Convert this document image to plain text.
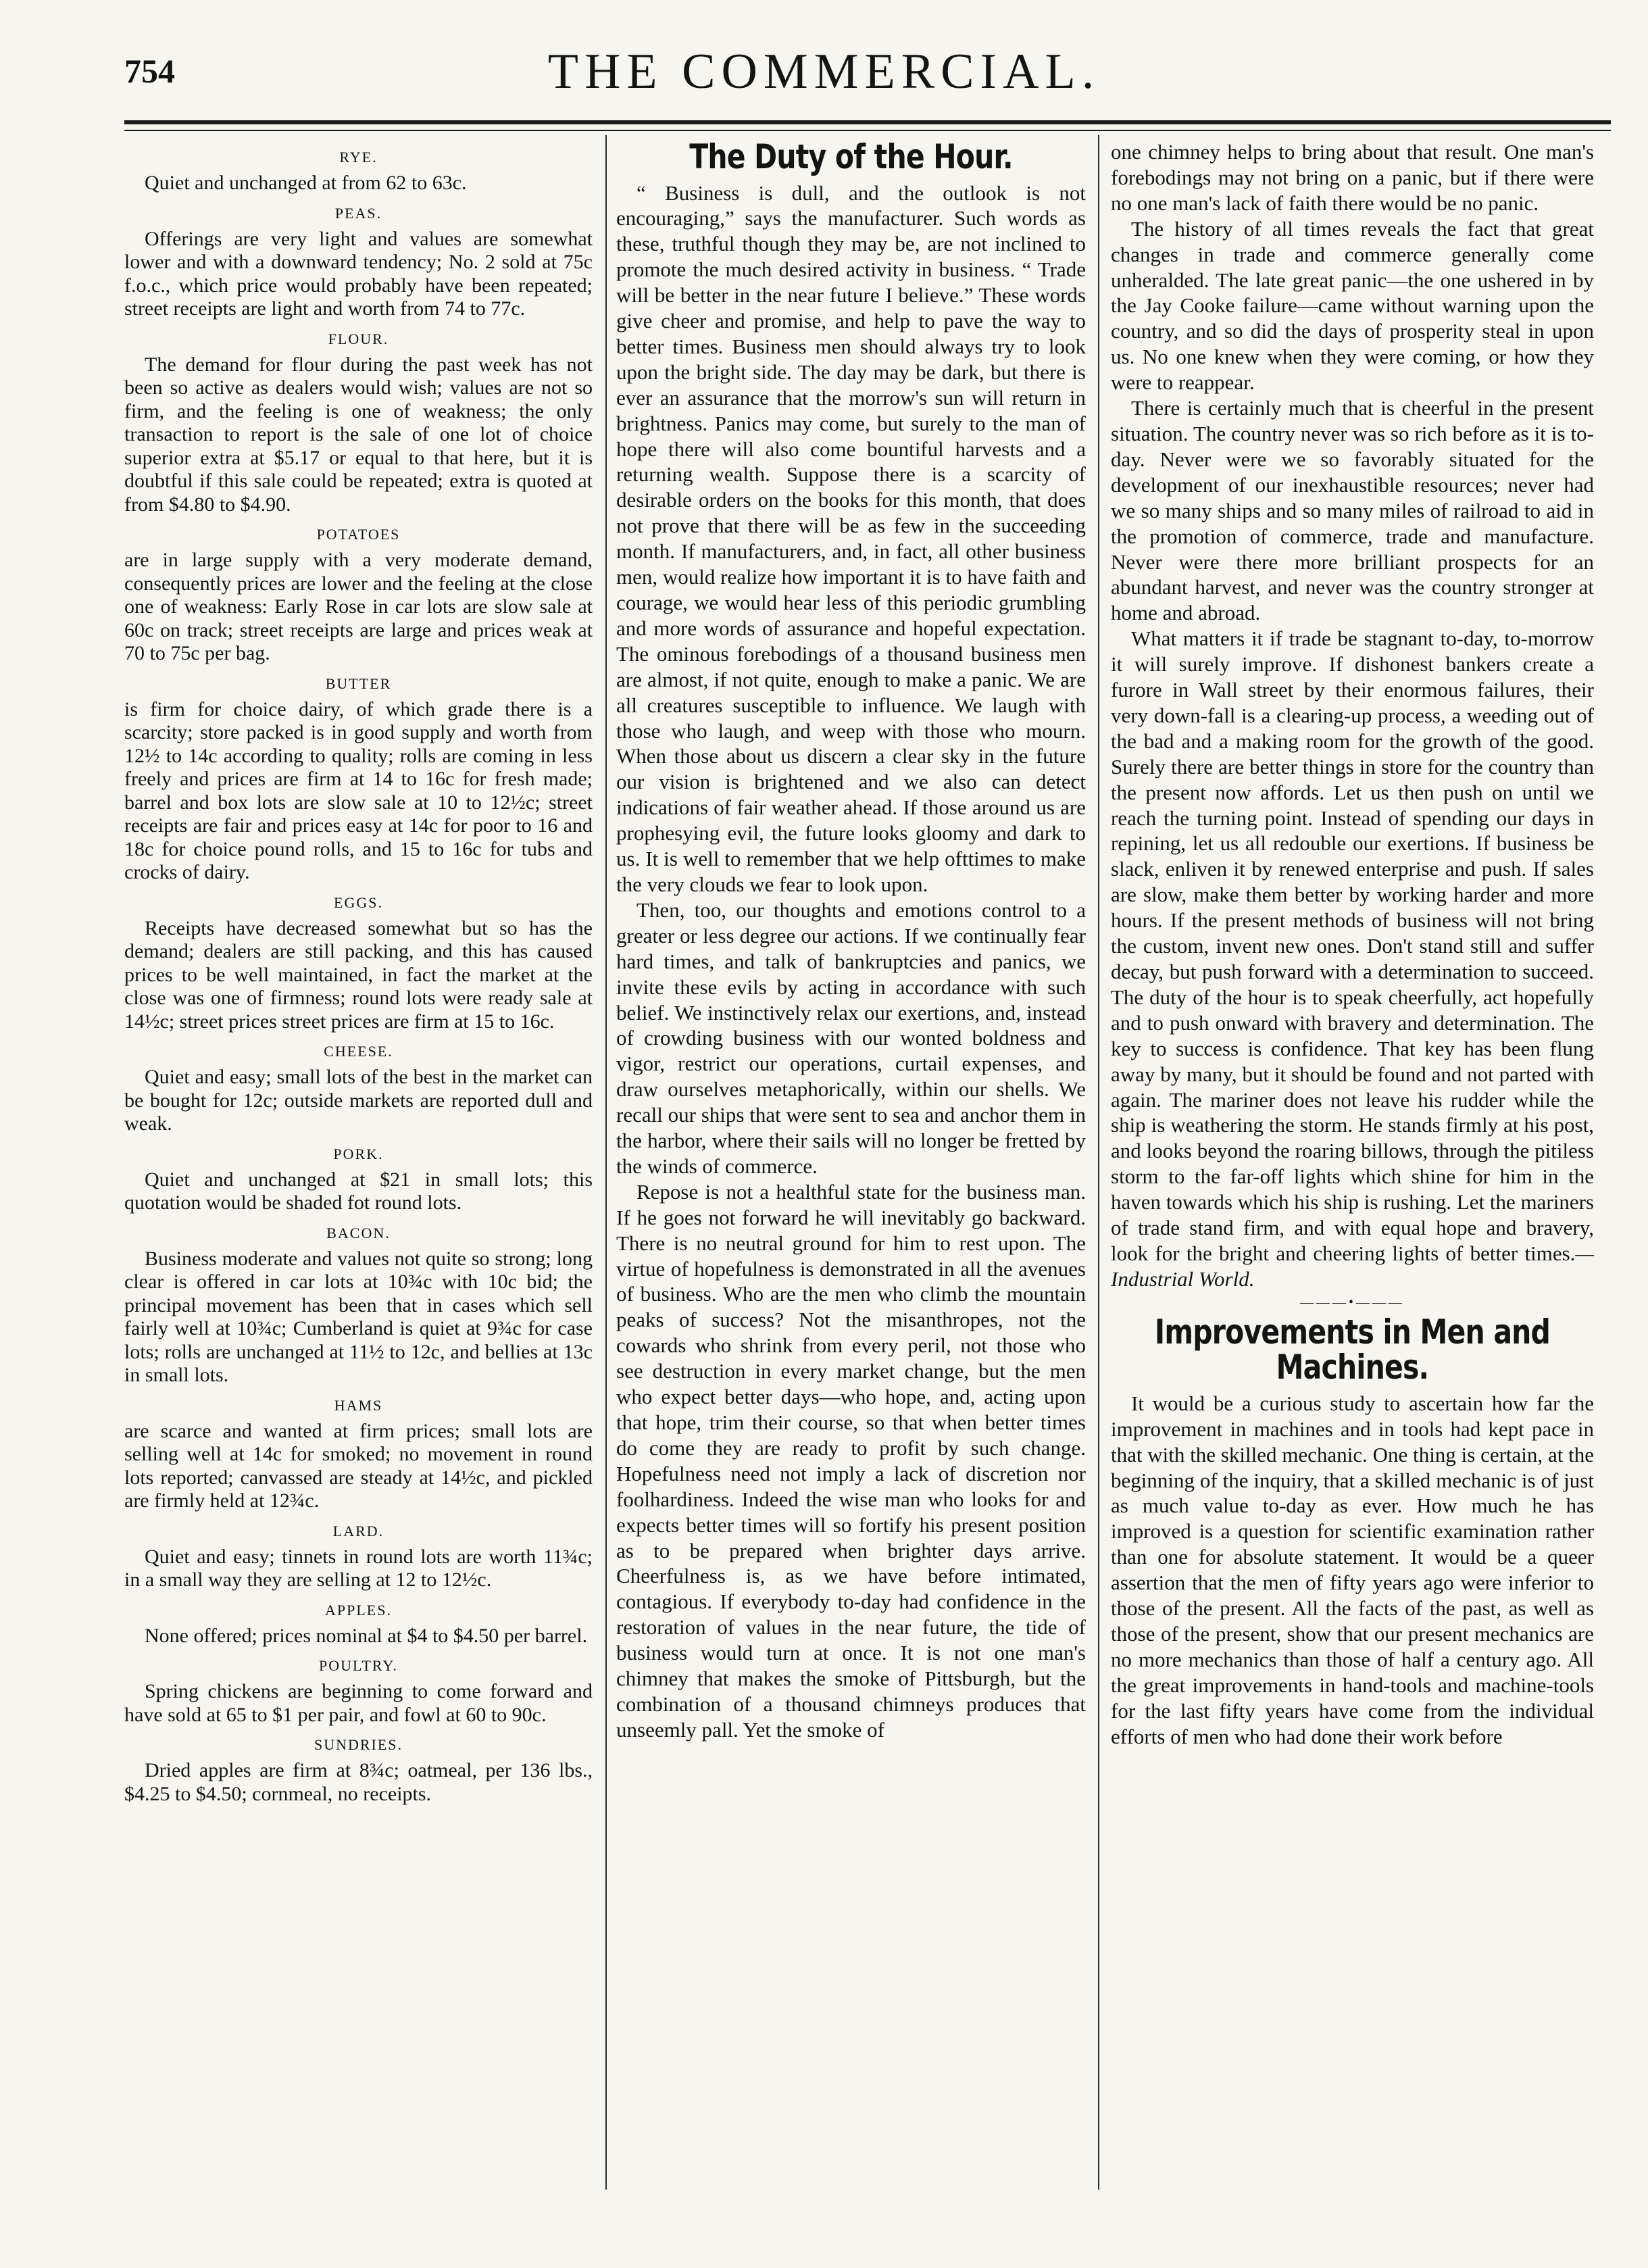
754	THE COMMERCIAL.
RYE.

Quiet and unchanged at from 62 to 63c.

PEAS.

Offerings are very light and values are somewhat lower and with a downward tendency; No. 2 sold at 75c f.o.c., which price would probably have been repeated; street receipts are light and worth from 74 to 77c.

FLOUR.

The demand for flour during the past week has not been so active as dealers would wish; values are not so firm, and the feeling is one of weakness; the only transaction to report is the sale of one lot of choice superior extra at $5.17 or equal to that here, but it is doubtful if this sale could be repeated; extra is quoted at from $4.80 to $4.90.

POTATOES

are in large supply with a very moderate demand, consequently prices are lower and the feeling at the close one of weakness: Early Rose in car lots are slow sale at 60c on track; street receipts are large and prices weak at 70 to 75c per bag.

BUTTER

is firm for choice dairy, of which grade there is a scarcity; store packed is in good supply and worth from 12½ to 14c according to quality; rolls are coming in less freely and prices are firm at 14 to 16c for fresh made; barrel and box lots are slow sale at 10 to 12½c; street receipts are fair and prices easy at 14c for poor to 16 and 18c for choice pound rolls, and 15 to 16c for tubs and crocks of dairy.

EGGS.

Receipts have decreased somewhat but so has the demand; dealers are still packing, and this has caused prices to be well maintained, in fact the market at the close was one of firmness; round lots were ready sale at 14½c; street prices street prices are firm at 15 to 16c.

CHEESE.

Quiet and easy; small lots of the best in the market can be bought for 12c; outside markets are reported dull and weak.

PORK.

Quiet and unchanged at $21 in small lots; this quotation would be shaded fot round lots.

BACON.

Business moderate and values not quite so strong; long clear is offered in car lots at 10¾c with 10c bid; the principal movement has been that in cases which sell fairly well at 10¾c; Cumberland is quiet at 9¾c for case lots; rolls are unchanged at 11½ to 12c, and bellies at 13c in small lots.

HAMS

are scarce and wanted at firm prices; small lots are selling well at 14c for smoked; no movement in round lots reported; canvassed are steady at 14½c, and pickled are firmly held at 12¾c.

LARD.

Quiet and easy; tinnets in round lots are worth 11¾c; in a small way they are selling at 12 to 12½c.

APPLES.

None offered; prices nominal at $4 to $4.50 per barrel.

POULTRY.

Spring chickens are beginning to come forward and have sold at 65 to $1 per pair, and fowl at 60 to 90c.

SUNDRIES.

Dried apples are firm at 8¾c; oatmeal, per 136 lbs., $4.25 to $4.50; cornmeal, no receipts.

The Duty of the Hour.

“ Business is dull, and the outlook is not encouraging,” says the manufacturer. Such words as these, truthful though they may be, are not inclined to promote the much desired activity in business. “ Trade will be better in the near future I believe.” These words give cheer and promise, and help to pave the way to better times. Business men should always try to look upon the bright side. The day may be dark, but there is ever an assurance that the morrow's sun will return in brightness. Panics may come, but surely to the man of hope there will also come bountiful harvests and a returning wealth. Suppose there is a scarcity of desirable orders on the books for this month, that does not prove that there will be as few in the succeeding month. If manufacturers, and, in fact, all other business men, would realize how important it is to have faith and courage, we would hear less of this periodic grumbling and more words of assurance and hopeful expectation. The ominous forebodings of a thousand business men are almost, if not quite, enough to make a panic. We are all creatures susceptible to influence. We laugh with those who laugh, and weep with those who mourn. When those about us discern a clear sky in the future our vision is brightened and we also can detect indications of fair weather ahead. If those around us are prophesying evil, the future looks gloomy and dark to us. It is well to remember that we help ofttimes to make the very clouds we fear to look upon.

Then, too, our thoughts and emotions control to a greater or less degree our actions. If we continually fear hard times, and talk of bankruptcies and panics, we invite these evils by acting in accordance with such belief. We instinctively relax our exertions, and, instead of crowding business with our wonted boldness and vigor, restrict our operations, curtail expenses, and draw ourselves metaphorically, within our shells. We recall our ships that were sent to sea and anchor them in the harbor, where their sails will no longer be fretted by the winds of commerce.

Repose is not a healthful state for the business man. If he goes not forward he will inevitably go backward. There is no neutral ground for him to rest upon. The virtue of hopefulness is demonstrated in all the avenues of business. Who are the men who climb the mountain peaks of success? Not the misanthropes, not the cowards who shrink from every peril, not those who see destruction in every market change, but the men who expect better days—who hope, and, acting upon that hope, trim their course, so that when better times do come they are ready to profit by such change. Hopefulness need not imply a lack of discretion nor foolhardiness. Indeed the wise man who looks for and expects better times will so fortify his present position as to be prepared when brighter days arrive. Cheerfulness is, as we have before intimated, contagious. If everybody to-day had confidence in the restoration of values in the near future, the tide of business would turn at once. It is not one man's chimney that makes the smoke of Pittsburgh, but the combination of a thousand chimneys produces that unseemly pall. Yet the smoke of

one chimney helps to bring about that result. One man's forebodings may not bring on a panic, but if there were no one man's lack of faith there would be no panic.

The history of all times reveals the fact that great changes in trade and commerce generally come unheralded. The late great panic—the one ushered in by the Jay Cooke failure—came without warning upon the country, and so did the days of prosperity steal in upon us. No one knew when they were coming, or how they were to reappear.

There is certainly much that is cheerful in the present situation. The country never was so rich before as it is to-day. Never were we so favorably situated for the development of our inexhaustible resources; never had we so many ships and so many miles of railroad to aid in the promotion of commerce, trade and manufacture. Never were there more brilliant prospects for an abundant harvest, and never was the country stronger at home and abroad.

What matters it if trade be stagnant to-day, to-morrow it will surely improve. If dishonest bankers create a furore in Wall street by their enormous failures, their very down-fall is a clearing-up process, a weeding out of the bad and a making room for the growth of the good. Surely there are better things in store for the country than the present now affords. Let us then push on until we reach the turning point. Instead of spending our days in repining, let us all redouble our exertions. If business be slack, enliven it by renewed enterprise and push. If sales are slow, make them better by working harder and more hours. If the present methods of business will not bring the custom, invent new ones. Don't stand still and suffer decay, but push forward with a determination to succeed. The duty of the hour is to speak cheerfully, act hopefully and to push onward with bravery and determination. The key to success is confidence. That key has been flung away by many, but it should be found and not parted with again. The mariner does not leave his rudder while the ship is weathering the storm. He stands firmly at his post, and looks beyond the roaring billows, through the pitiless storm to the far-off lights which shine for him in the haven towards which his ship is rushing. Let the mariners of trade stand firm, and with equal hope and bravery, look for the bright and cheering lights of better times.—Industrial World.

———•———
Improvements in Men and Machines.

It would be a curious study to ascertain how far the improvement in machines and in tools had kept pace in that with the skilled mechanic. One thing is certain, at the beginning of the inquiry, that a skilled mechanic is of just as much value to-day as ever. How much he has improved is a question for scientific examination rather than one for absolute statement. It would be a queer assertion that the men of fifty years ago were inferior to those of the present. All the facts of the past, as well as those of the present, show that our present mechanics are no more mechanics than those of half a century ago. All the great improvements in hand-tools and machine-tools for the last fifty years have come from the individual efforts of men who had done their work before
